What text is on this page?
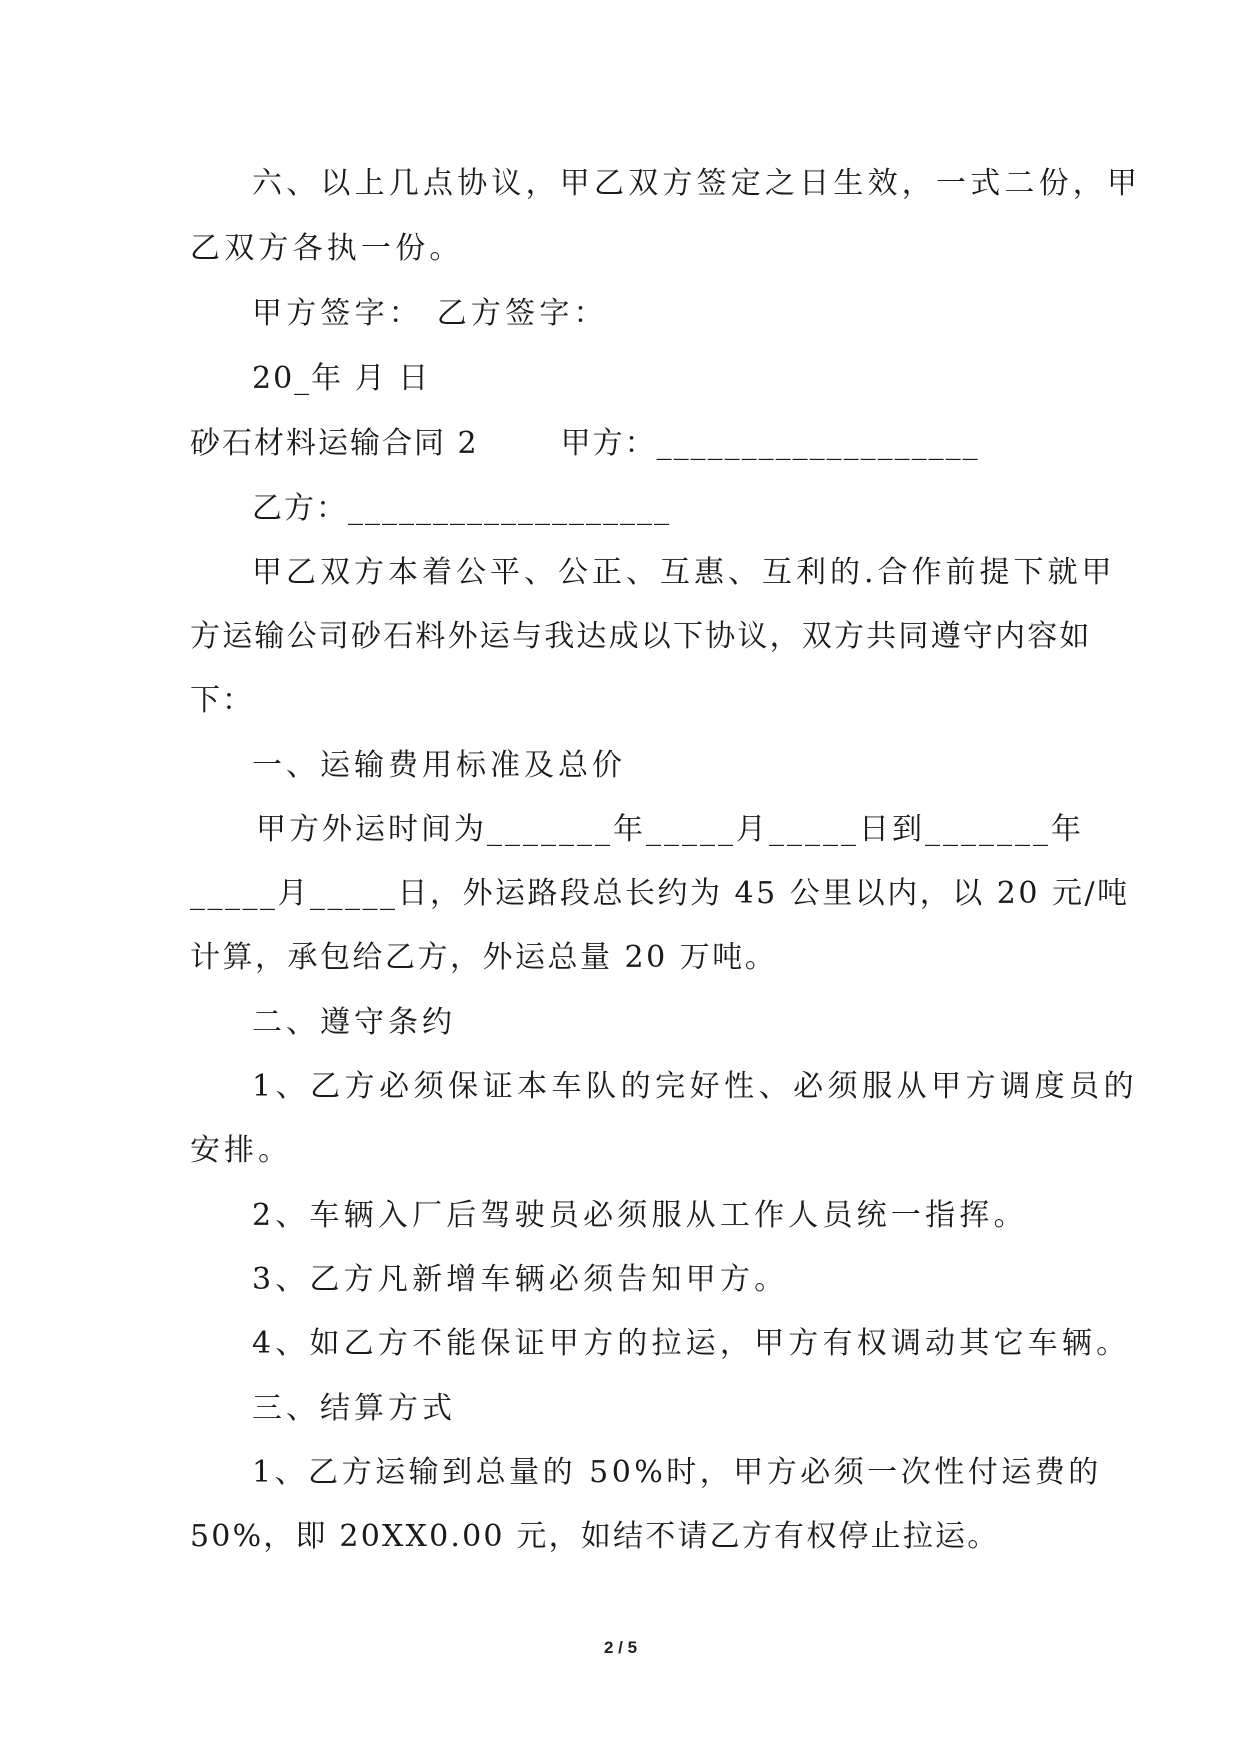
六、以上几点协议，甲乙双方签定之日生效，一式二份，甲
乙双方各执一份。
甲方签字： 乙方签字：
20_年 月 日
砂石材料运输合同 2	甲方：___________________
乙方：___________________
甲乙双方本着公平、公正、互惠、互利的.合作前提下就甲
方运输公司砂石料外运与我达成以下协议，双方共同遵守内容如
下：
一、运输费用标准及总价
甲方外运时间为_______年_____月_____日到_______年
_____月_____日，外运路段总长约为 45 公里以内，以 20 元/吨
计算，承包给乙方，外运总量 20 万吨。
二、遵守条约
1、乙方必须保证本车队的完好性、必须服从甲方调度员的
安排。
2、车辆入厂后驾驶员必须服从工作人员统一指挥。
3、乙方凡新增车辆必须告知甲方。
4、如乙方不能保证甲方的拉运，甲方有权调动其它车辆。
三、结算方式
1、乙方运输到总量的 50%时，甲方必须一次性付运费的
50%，即 20XX0.00 元，如结不请乙方有权停止拉运。
2 / 5
